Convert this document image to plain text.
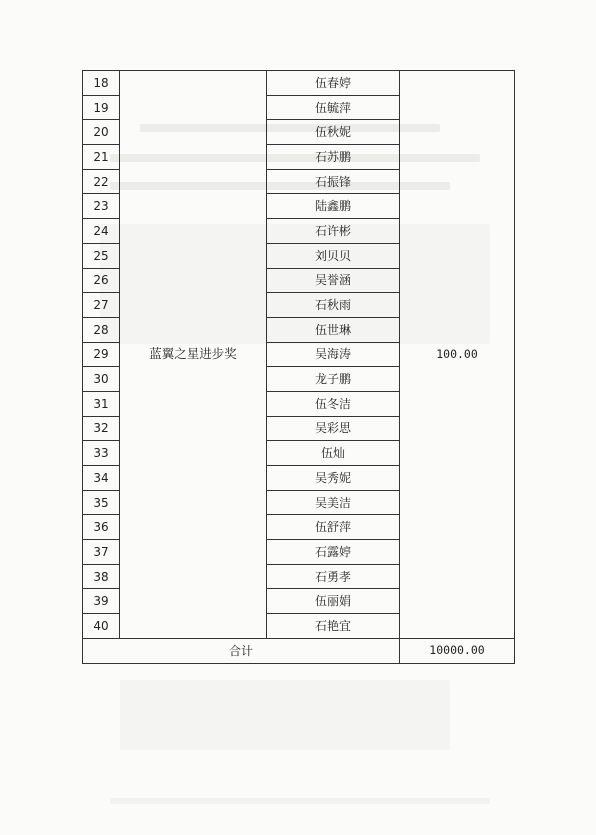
18	蓝翼之星进步奖	伍春婷	100.00
19		伍毓萍	
20		伍秋妮	
21		石苏鹏	
22		石振锋	
23		陆鑫鹏	
24		石许彬	
25		刘贝贝	
26		吴誉涵	
27		石秋雨	
28		伍世琳	
29		吴海涛	
30		龙子鹏	
31		伍冬洁	
32		吴彩思	
33		伍灿	
34		吴秀妮	
35		吴美洁	
36		伍舒萍	
37		石露婷	
38		石勇孝	
39		伍丽娟	
40		石艳宜	
合计			10000.00
